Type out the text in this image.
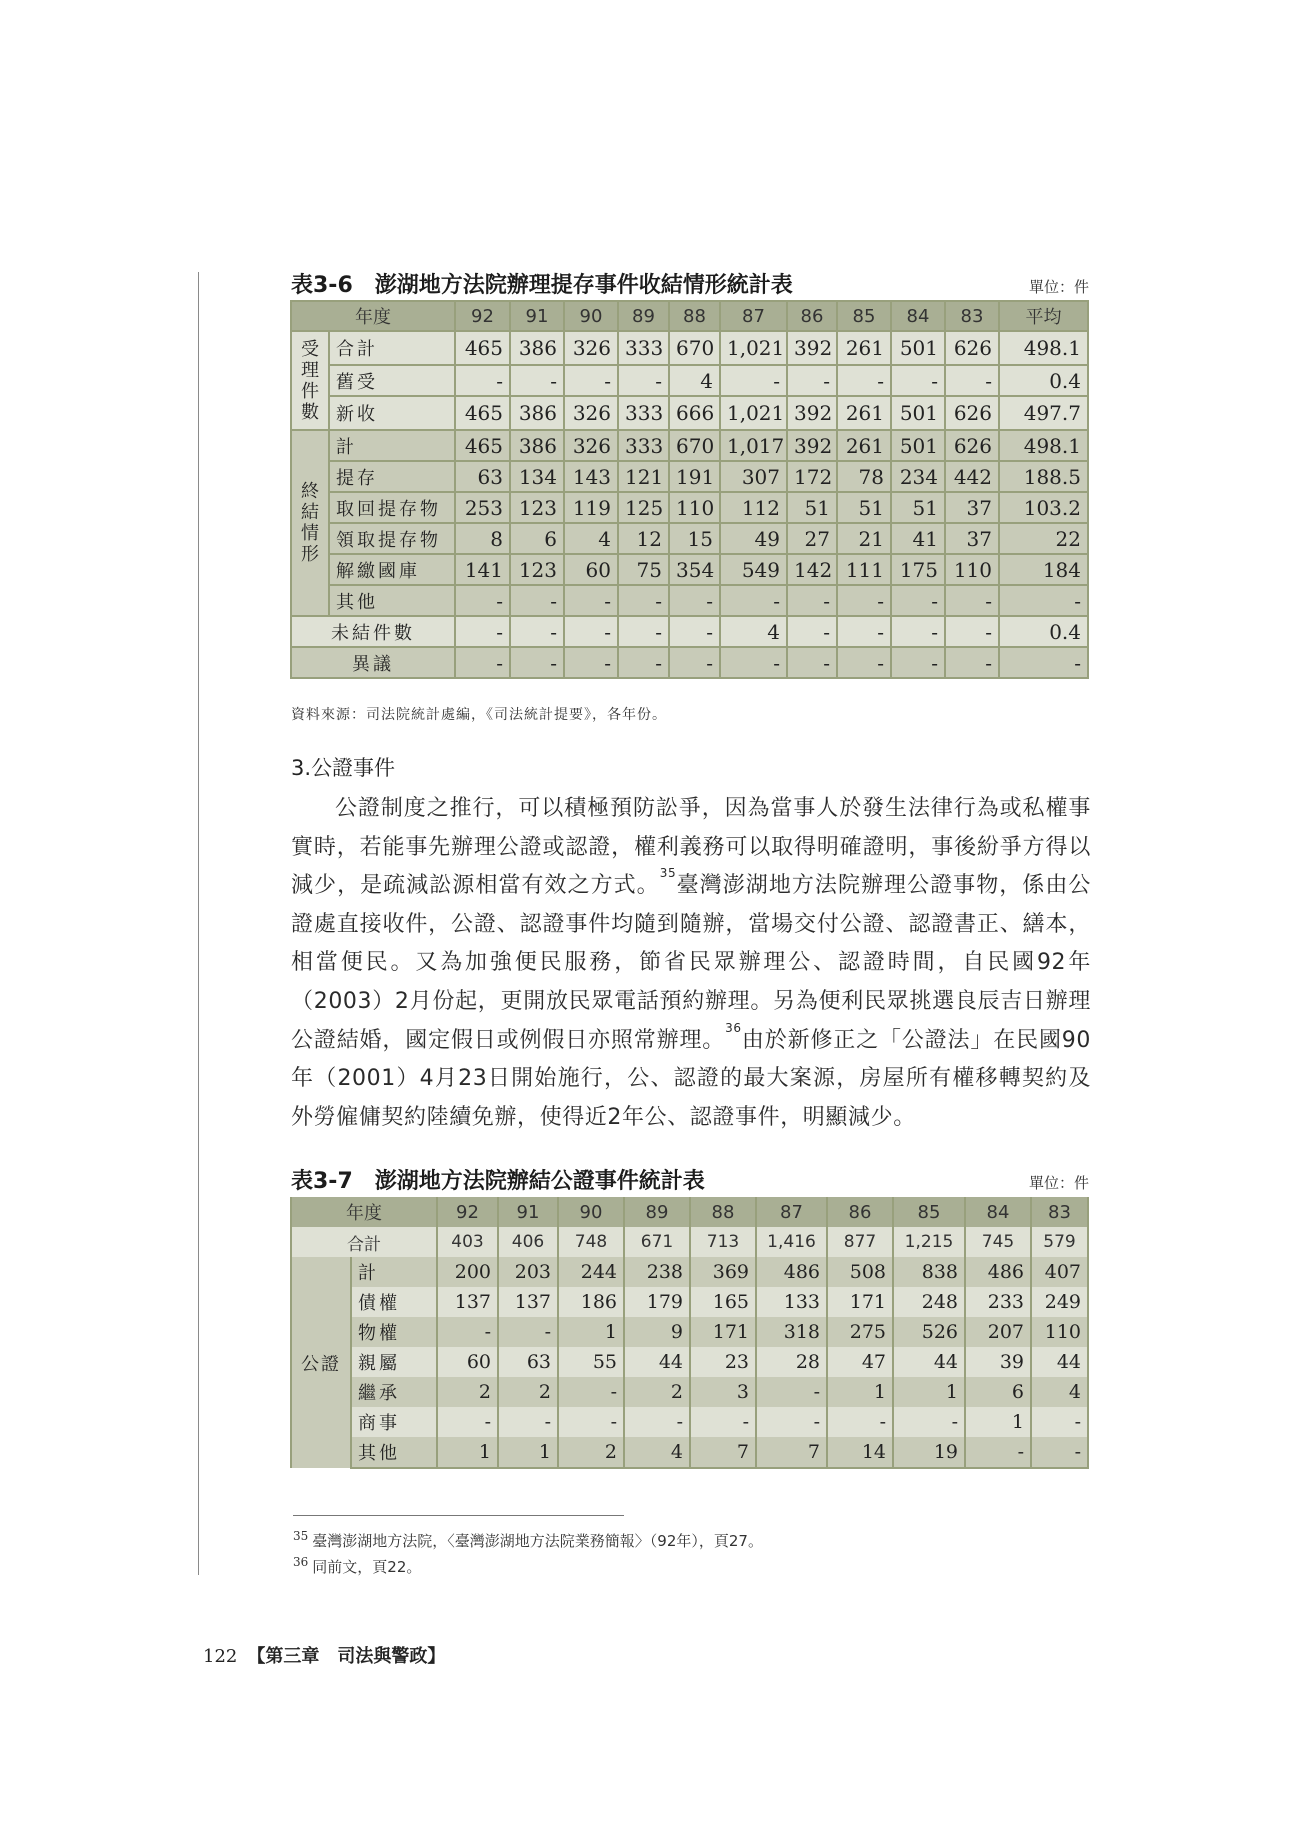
表3-6 澎湖地方法院辦理提存事件收結情形統計表	單位：件
年度		92	91	90	89	88	87	86	85	84	83	平均
受理件數	合計	465	386	326	333	670	1,021	392	261	501	626	498.1
	舊受	-	-	-	-	4	-	-	-	-	-	0.4
	新收	465	386	326	333	666	1,021	392	261	501	626	497.7
終結情形	計	465	386	326	333	670	1,017	392	261	501	626	498.1
	提存	63	134	143	121	191	307	172	78	234	442	188.5
	取回提存物	253	123	119	125	110	112	51	51	51	37	103.2
	領取提存物	8	6	4	12	15	49	27	21	41	37	22
	解繳國庫	141	123	60	75	354	549	142	111	175	110	184
	其他	-	-	-	-	-	-	-	-	-	-	-
未結件數		-	-	-	-	-	4	-	-	-	-	0.4
異議		-	-	-	-	-	-	-	-	-	-	-
資料來源：司法院統計處編，《司法統計提要》，各年份。
3.公證事件

公證制度之推行，可以積極預防訟爭，因為當事人於發生法律行為或私權事實時，若能事先辦理公證或認證，權利義務可以取得明確證明，事後紛爭方得以減少，是疏減訟源相當有效之方式。$^{35}$臺灣澎湖地方法院辦理公證事物，係由公證處直接收件，公證、認證事件均隨到隨辦，當場交付公證、認證書正、繕本，相當便民。又為加強便民服務，節省民眾辦理公、認證時間，自民國92年（2003）2月份起，更開放民眾電話預約辦理。另為便利民眾挑選良辰吉日辦理公證結婚，國定假日或例假日亦照常辦理。$^{36}$由於新修正之「公證法」在民國90年（2001）4月23日開始施行，公、認證的最大案源，房屋所有權移轉契約及外勞僱傭契約陸續免辦，使得近2年公、認證事件，明顯減少。

表3-7 澎湖地方法院辦結公證事件統計表	單位：件
年度		92	91	90	89	88	87	86	85	84	83
合計		403	406	748	671	713	1,416	877	1,215	745	579
公證	計	200	203	244	238	369	486	508	838	486	407
	債權	137	137	186	179	165	133	171	248	233	249
	物權	-	-	1	9	171	318	275	526	207	110
	親屬	60	63	55	44	23	28	47	44	39	44
	繼承	2	2	-	2	3	-	1	1	6	4
	商事	-	-	-	-	-	-	-	-	1	-
	其他	1	1	2	4	7	7	14	19	-	-
$^{35}$ 臺灣澎湖地方法院，〈臺灣澎湖地方法院業務簡報〉（92年），頁27。
$^{36}$ 同前文，頁22。
122 【第三章　司法與警政】
